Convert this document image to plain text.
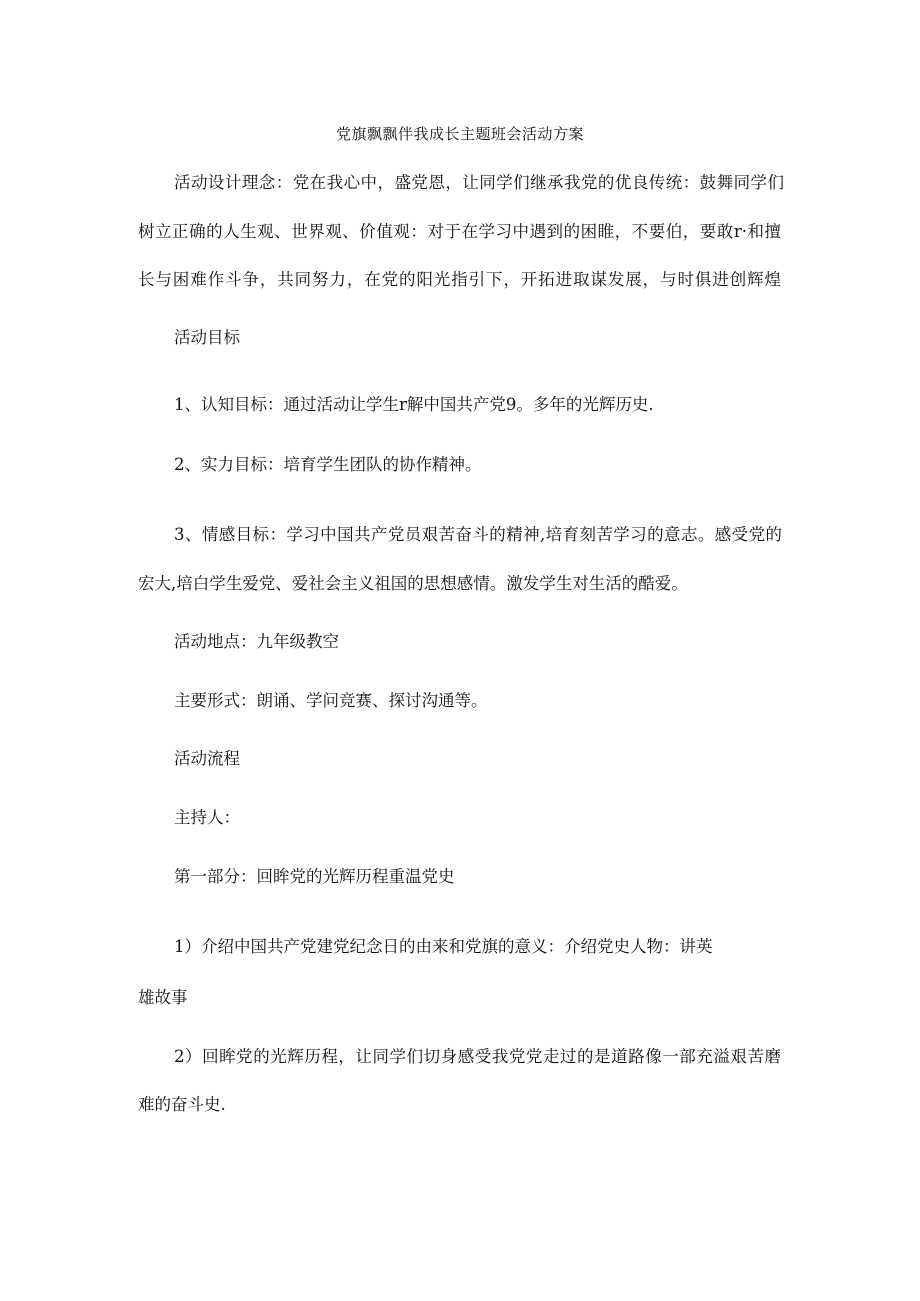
党旗飘飘伴我成长主题班会活动方案

活动设计理念：党在我心中，盛党恩，让同学们继承我党的优良传统：鼓舞同学们

树立正确的人生观、世界观、价值观：对于在学习中遇到的困睢，不要伯，要敢r·和擅

长与困难作斗争，共同努力，在党的阳光指引下，开拓进取谋发展，与时俱进创辉煌

活动目标

1、认知目标：通过活动让学生r解中国共产党9。多年的光辉历史.

2、实力目标：培育学生团队的协作精神。

3、情感目标：学习中国共产党员艰苦奋斗的精神,培育刻苦学习的意志。感受党的

宏大,培白学生爱党、爱社会主义祖国的思想感情。激发学生对生活的酷爱。

活动地点：九年级教空

主要形式：朗诵、学问竞赛、探讨沟通等。

活动流程

主持人：

第一部分：回眸党的光辉历程重温党史

1）介绍中国共产党建党纪念日的由来和党旗的意义：介绍党史人物：讲英

雄故事

2）回眸党的光辉历程，让同学们切身感受我党党走过的是道路像一部充溢艰苦磨

难的奋斗史.
